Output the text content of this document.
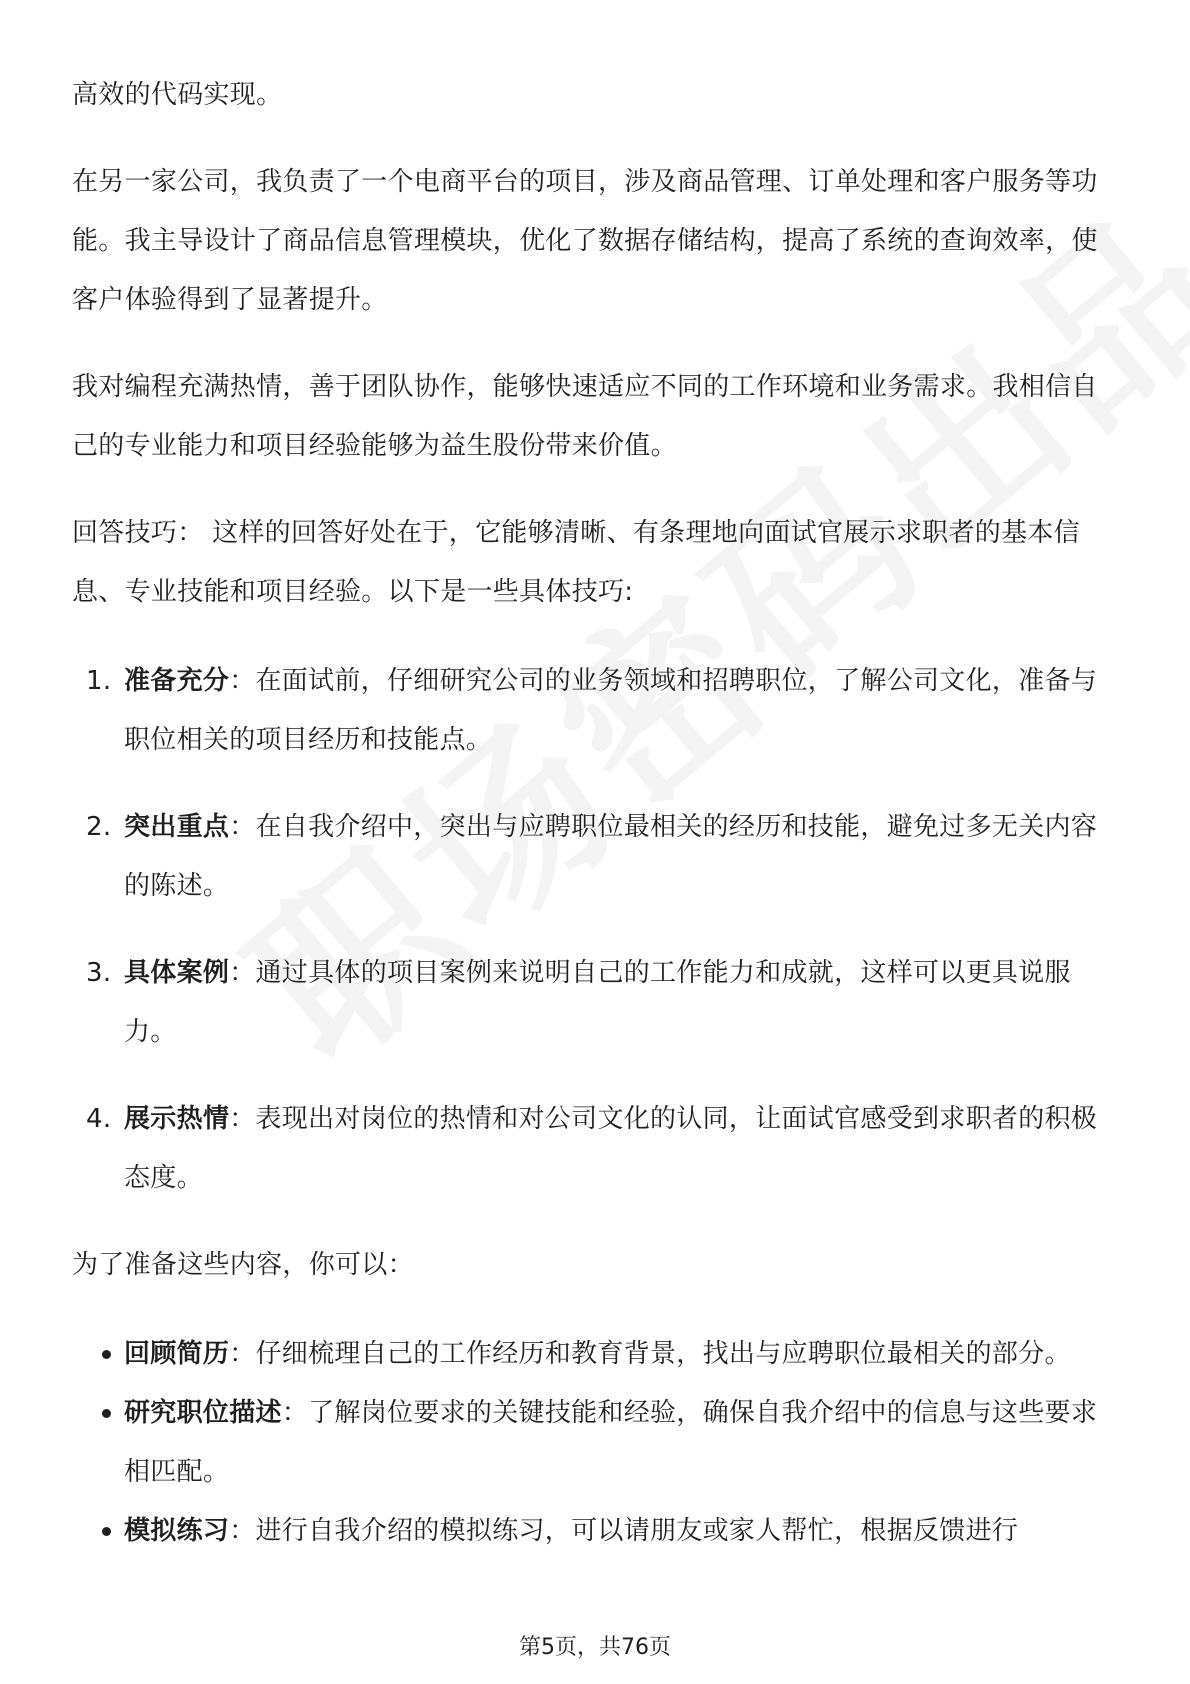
高效的代码实现。

在另一家公司，我负责了一个电商平台的项目，涉及商品管理、订单处理和客户服务等功能。我主导设计了商品信息管理模块，优化了数据存储结构，提高了系统的查询效率，使客户体验得到了显著提升。

我对编程充满热情，善于团队协作，能够快速适应不同的工作环境和业务需求。我相信自己的专业能力和项目经验能够为益生股份带来价值。

回答技巧： 这样的回答好处在于，它能够清晰、有条理地向面试官展示求职者的基本信息、专业技能和项目经验。以下是一些具体技巧:

1. 准备充分：在面试前，仔细研究公司的业务领域和招聘职位，了解公司文化，准备与职位相关的项目经历和技能点。
2. 突出重点：在自我介绍中，突出与应聘职位最相关的经历和技能，避免过多无关内容的陈述。
3. 具体案例：通过具体的项目案例来说明自己的工作能力和成就，这样可以更具说服力。
4. 展示热情：表现出对岗位的热情和对公司文化的认同，让面试官感受到求职者的积极态度。

为了准备这些内容，你可以：

回顾简历：仔细梳理自己的工作经历和教育背景，找出与应聘职位最相关的部分。
研究职位描述：了解岗位要求的关键技能和经验，确保自我介绍中的信息与这些要求相匹配。
模拟练习：进行自我介绍的模拟练习，可以请朋友或家人帮忙，根据反馈进行
第5页，共76页
